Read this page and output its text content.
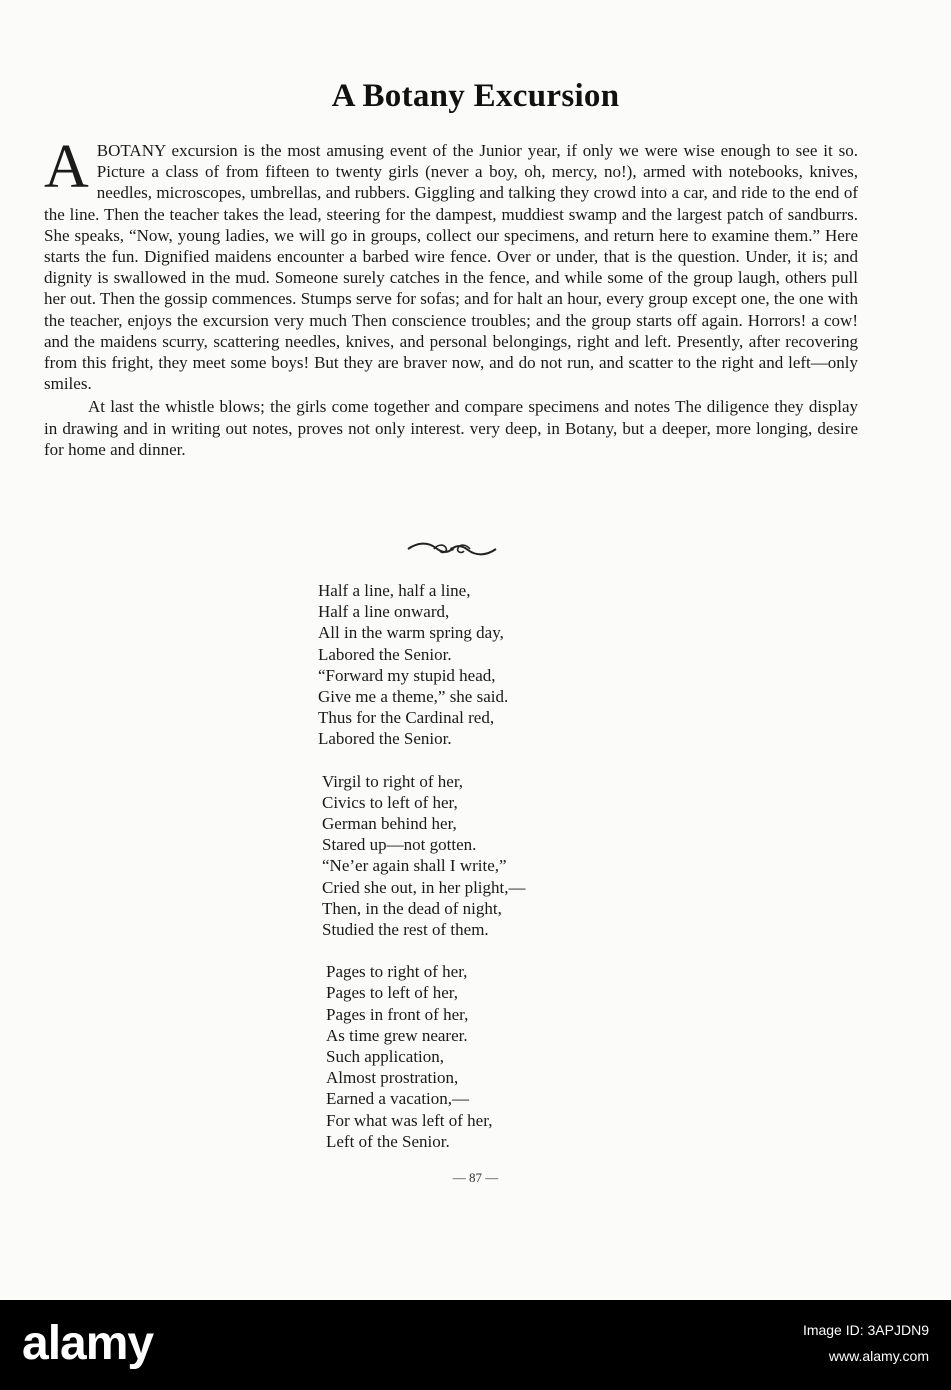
A Botany Excursion

A BOTANY excursion is the most amusing event of the Junior year, if only we were wise enough to see it so. Picture a class of from fifteen to twenty girls (never a boy, oh, mercy, no!), armed with notebooks, knives, needles, microscopes, umbrellas, and rubbers. Giggling and talking they crowd into a car, and ride to the end of the line. Then the teacher takes the lead, steering for the dampest, muddiest swamp and the largest patch of sandburrs. She speaks, “Now, young ladies, we will go in groups, collect our specimens, and return here to examine them.” Here starts the fun. Dignified maidens encounter a barbed wire fence. Over or under, that is the question. Under, it is; and dignity is swallowed in the mud. Someone surely catches in the fence, and while some of the group laugh, others pull her out. Then the gossip commences. Stumps serve for sofas; and for halt an hour, every group except one, the one with the teacher, enjoys the excursion very much Then conscience troubles; and the group starts off again. Horrors! a cow! and the maidens scurry, scattering needles, knives, and personal belongings, right and left. Presently, after recovering from this fright, they meet some boys! But they are braver now, and do not run, and scatter to the right and left—only smiles.

At last the whistle blows; the girls come together and compare specimens and notes The diligence they display in drawing and in writing out notes, proves not only interest. very deep, in Botany, but a deeper, more longing, desire for home and dinner.

Half a line, half a line,
Half a line onward,
All in the warm spring day,
Labored the Senior.
“Forward my stupid head,
Give me a theme,” she said.
Thus for the Cardinal red,
Labored the Senior.
Virgil to right of her,
Civics to left of her,
German behind her,
Stared up—not gotten.
“Ne’er again shall I write,”
Cried she out, in her plight,—
Then, in the dead of night,
Studied the rest of them.
Pages to right of her,
Pages to left of her,
Pages in front of her,
As time grew nearer.
Such application,
Almost prostration,
Earned a vacation,—
For what was left of her,
Left of the Senior.
— 87 —
alamy	Image ID: 3APJDN9
www.alamy.com
